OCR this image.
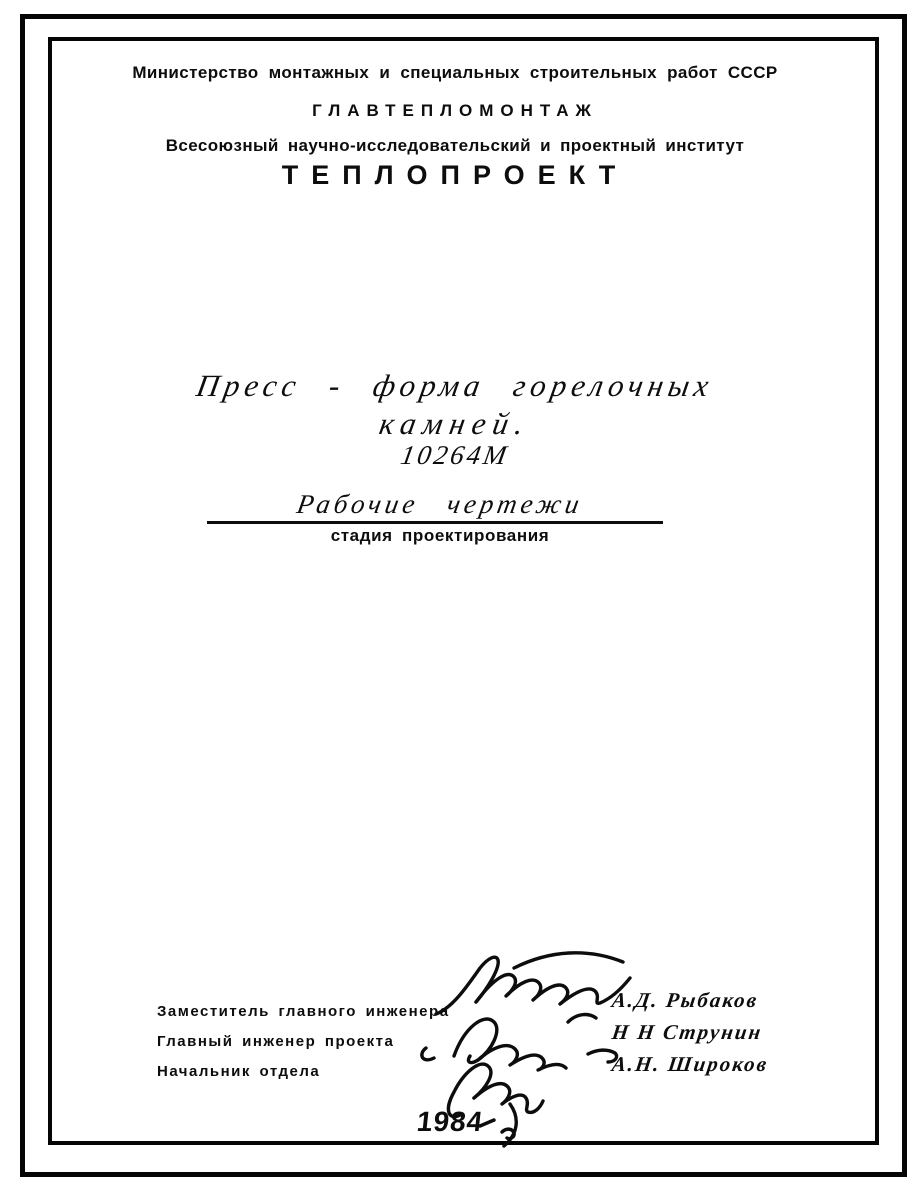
Министерство монтажных и специальных строительных работ СССР
ГЛАВТЕПЛОМОНТАЖ
Всесоюзный научно-исследовательский и проектный институт
ТЕПЛОПРОЕКТ
Пресс - форма горелочных
камней.
10264М
Рабочие чертежи
стадия проектирования
Заместитель главного инженера
Главный инженер проекта
Начальник отдела
А.Д. Рыбаков
Н Н Струнин
А.Н. Широков
1984
